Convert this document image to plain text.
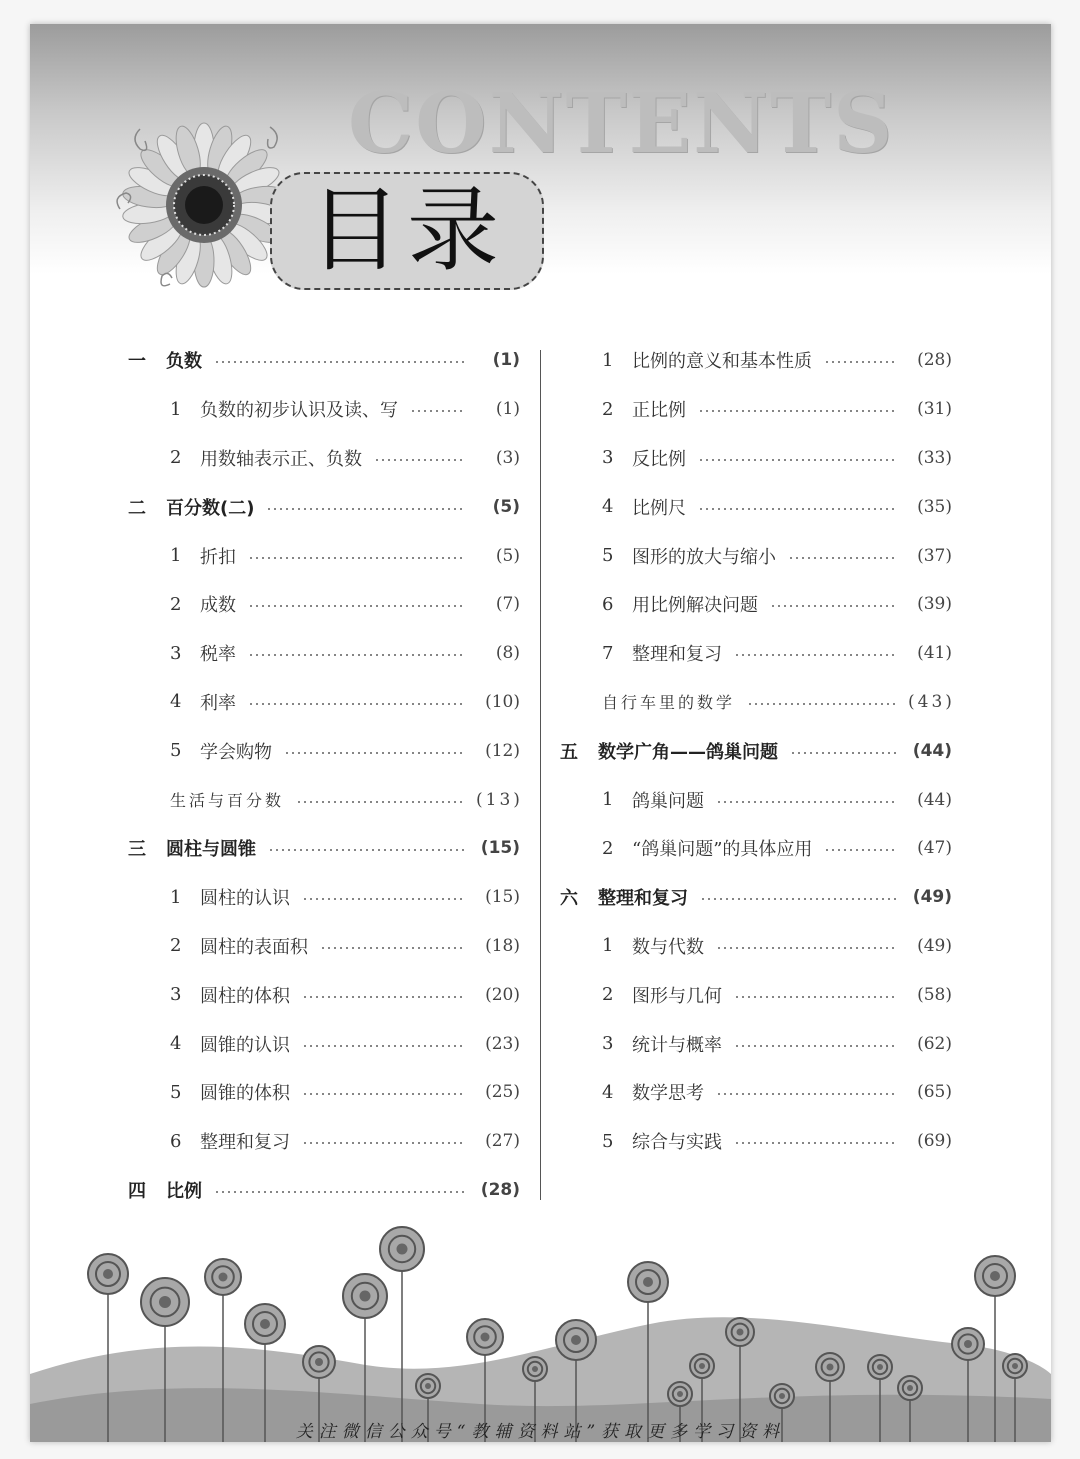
CONTENTS
目录
一	负数	(1)
1	负数的初步认识及读、写	(1)
2	用数轴表示正、负数	(3)
二	百分数(二)	(5)
1	折扣	(5)
2	成数	(7)
3	税率	(8)
4	利率	(10)
5	学会购物	(12)
生活与百分数	(13)
三	圆柱与圆锥	(15)
1	圆柱的认识	(15)
2	圆柱的表面积	(18)
3	圆柱的体积	(20)
4	圆锥的认识	(23)
5	圆锥的体积	(25)
6	整理和复习	(27)
四	比例	(28)
1	比例的意义和基本性质	(28)
2	正比例	(31)
3	反比例	(33)
4	比例尺	(35)
5	图形的放大与缩小	(37)
6	用比例解决问题	(39)
7	整理和复习	(41)
自行车里的数学	(43)
五	数学广角——鸽巢问题	(44)
1	鸽巢问题	(44)
2	“鸽巢问题”的具体应用	(47)
六	整理和复习	(49)
1	数与代数	(49)
2	图形与几何	(58)
3	统计与概率	(62)
4	数学思考	(65)
5	综合与实践	(69)
关注微信公众号“教辅资料站”获取更多学习资料
